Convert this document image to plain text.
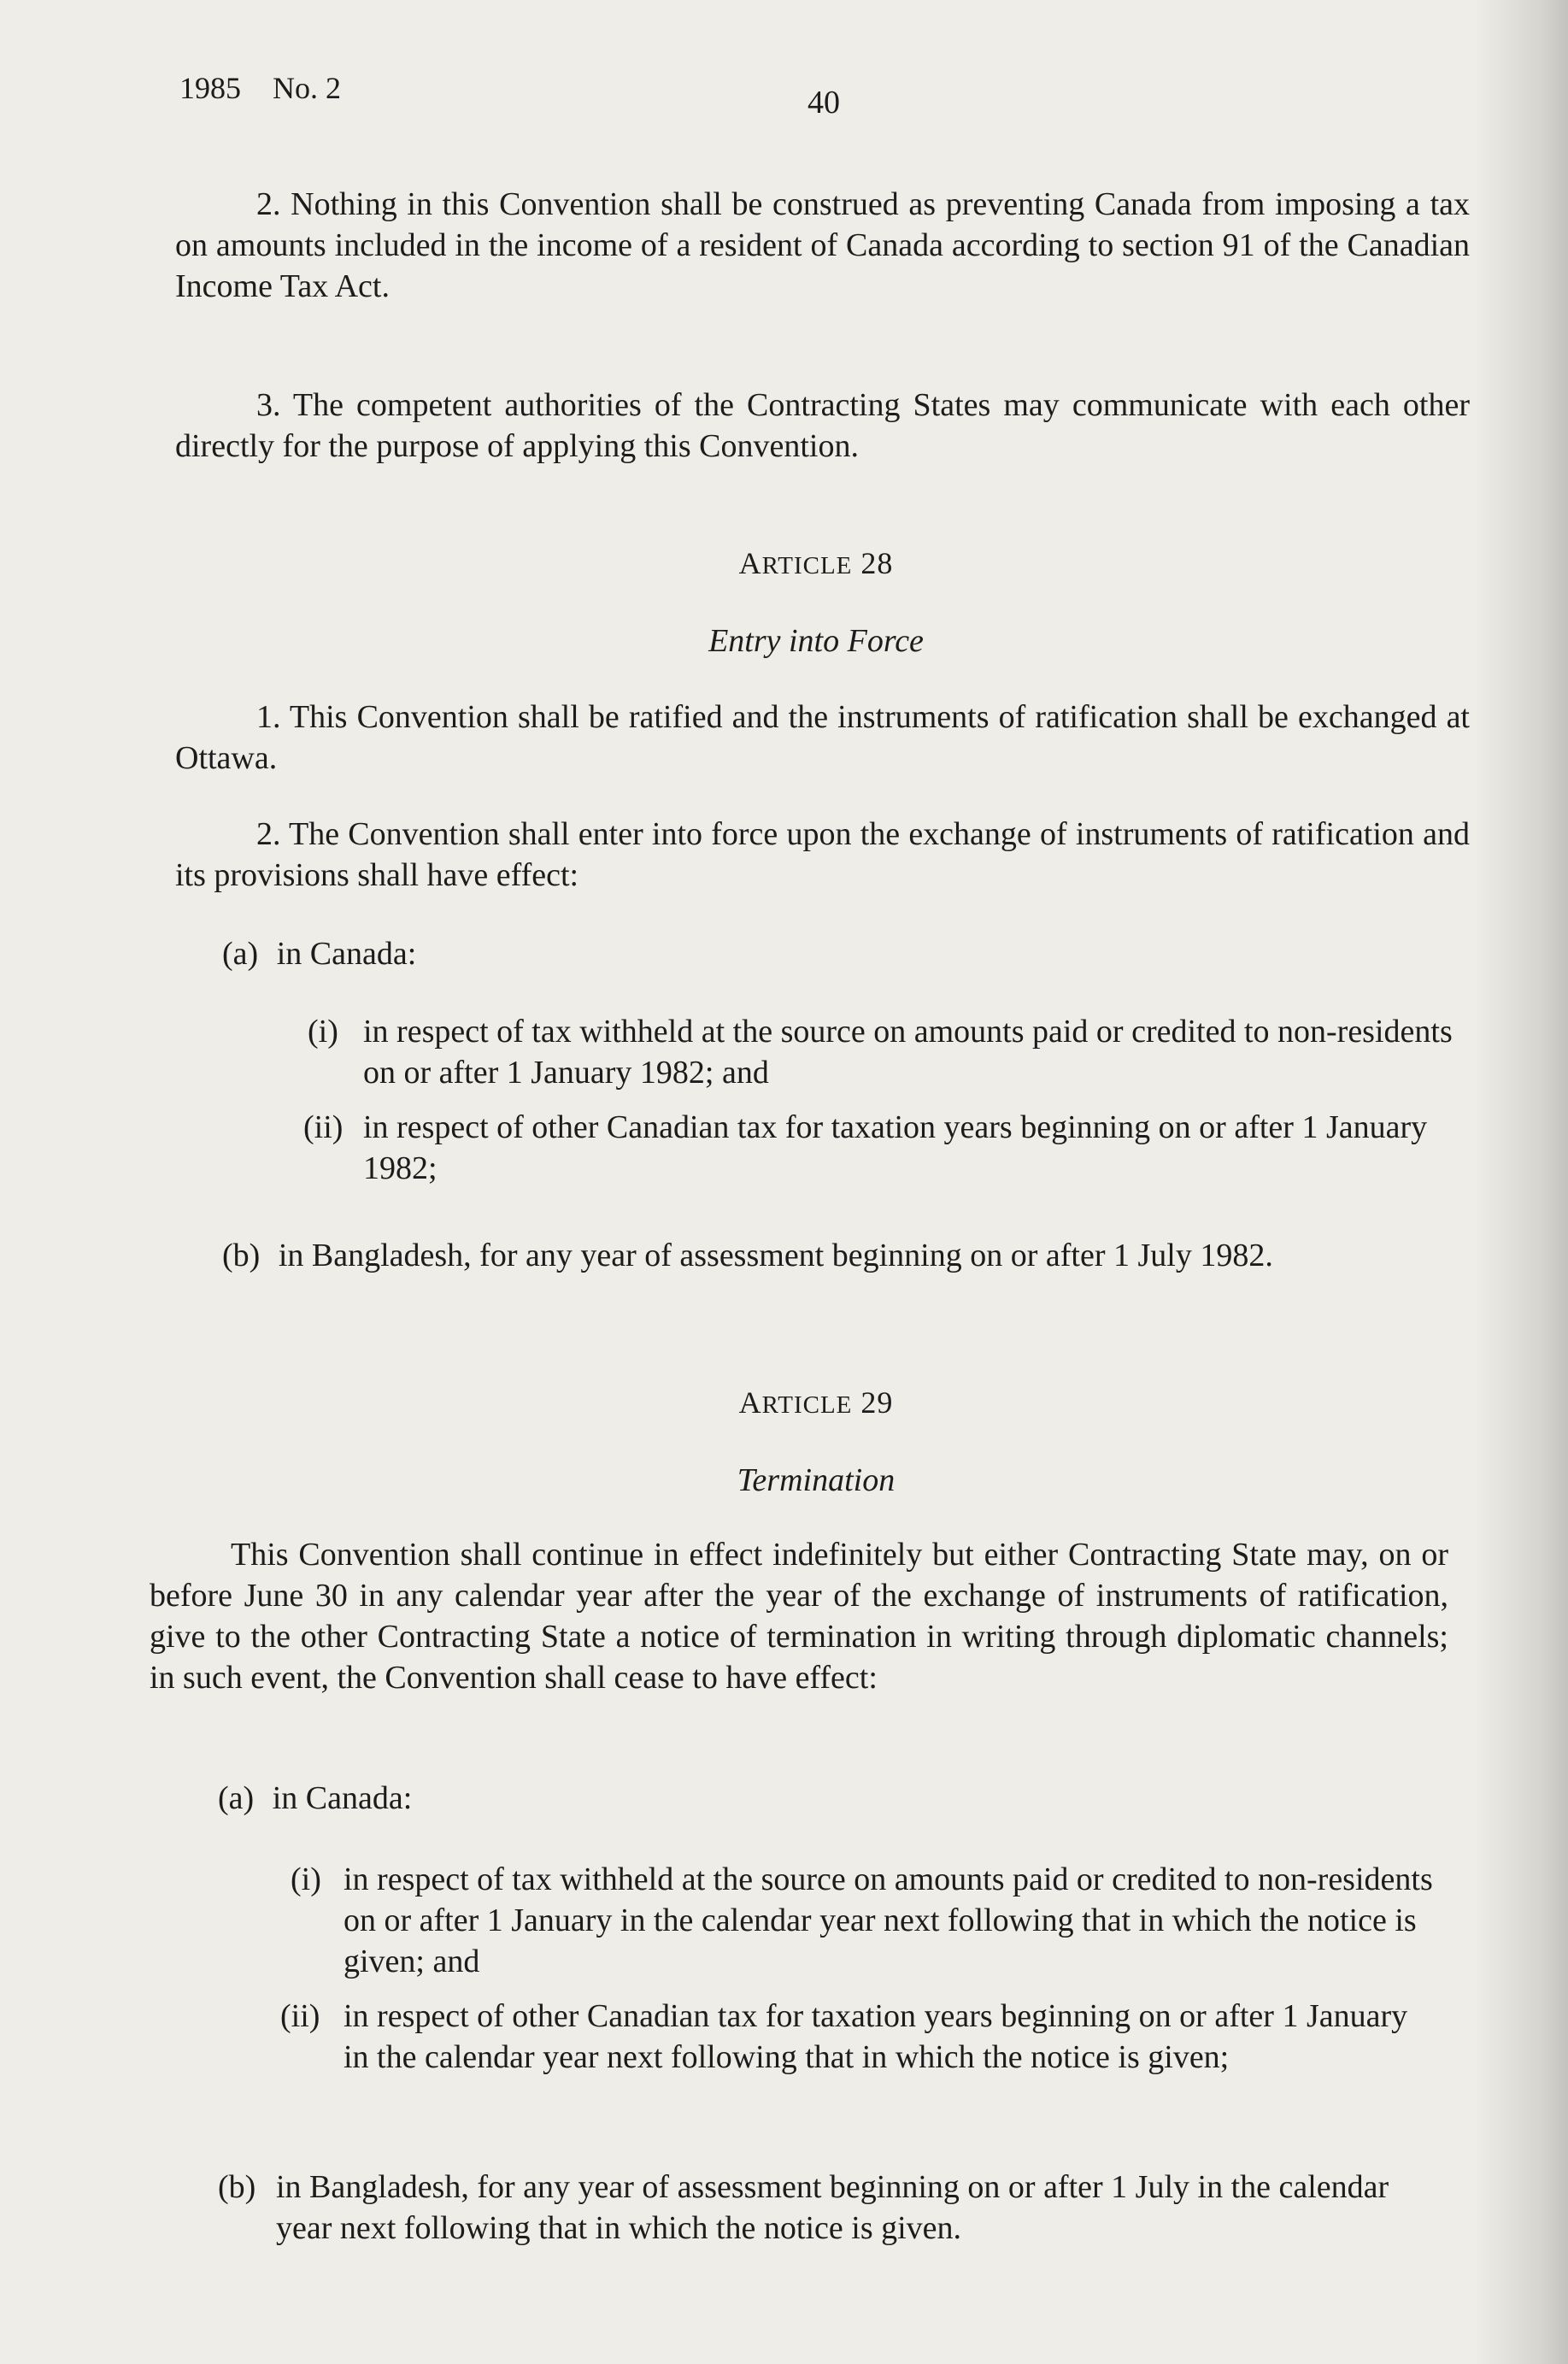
1985 No. 2	40
2. Nothing in this Convention shall be construed as preventing Canada from imposing a tax on amounts included in the income of a resident of Canada according to section 91 of the Canadian Income Tax Act.
3. The competent authorities of the Contracting States may communicate with each other directly for the purpose of applying this Convention.
ARTICLE 28
Entry into Force
1. This Convention shall be ratified and the instruments of ratification shall be exchanged at Ottawa.
2. The Convention shall enter into force upon the exchange of instruments of ratification and its provisions shall have effect:
(a) in Canada:
(i) in respect of tax withheld at the source on amounts paid or credited to non-residents on or after 1 January 1982; and
(ii) in respect of other Canadian tax for taxation years beginning on or after 1 January 1982;
(b) in Bangladesh, for any year of assessment beginning on or after 1 July 1982.
ARTICLE 29
Termination
This Convention shall continue in effect indefinitely but either Contracting State may, on or before June 30 in any calendar year after the year of the exchange of instruments of ratification, give to the other Contracting State a notice of termination in writing through diplomatic channels; in such event, the Convention shall cease to have effect:
(a) in Canada:
(i) in respect of tax withheld at the source on amounts paid or credited to non-residents on or after 1 January in the calendar year next following that in which the notice is given; and
(ii) in respect of other Canadian tax for taxation years beginning on or after 1 January in the calendar year next following that in which the notice is given;
(b) in Bangladesh, for any year of assessment beginning on or after 1 July in the calendar year next following that in which the notice is given.
